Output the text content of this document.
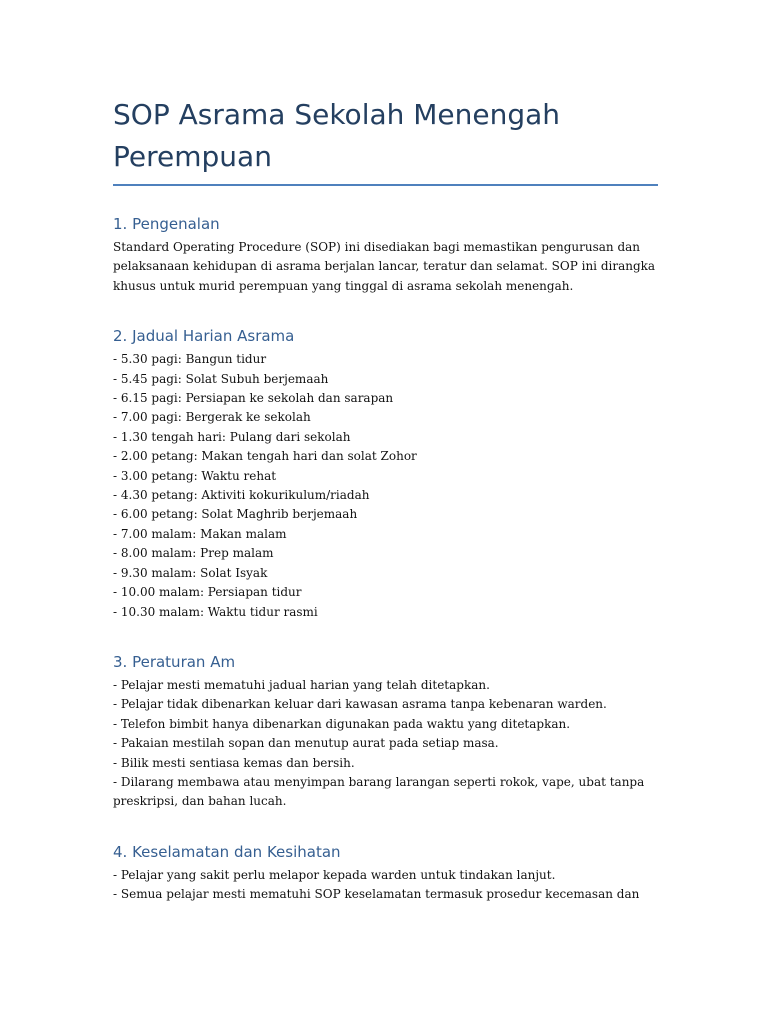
SOP Asrama Sekolah Menengah
Perempuan
1. Pengenalan
Standard Operating Procedure (SOP) ini disediakan bagi memastikan pengurusan dan
pelaksanaan kehidupan di asrama berjalan lancar, teratur dan selamat. SOP ini dirangka
khusus untuk murid perempuan yang tinggal di asrama sekolah menengah.
2. Jadual Harian Asrama
- 5.30 pagi: Bangun tidur
- 5.45 pagi: Solat Subuh berjemaah
- 6.15 pagi: Persiapan ke sekolah dan sarapan
- 7.00 pagi: Bergerak ke sekolah
- 1.30 tengah hari: Pulang dari sekolah
- 2.00 petang: Makan tengah hari dan solat Zohor
- 3.00 petang: Waktu rehat
- 4.30 petang: Aktiviti kokurikulum/riadah
- 6.00 petang: Solat Maghrib berjemaah
- 7.00 malam: Makan malam
- 8.00 malam: Prep malam
- 9.30 malam: Solat Isyak
- 10.00 malam: Persiapan tidur
- 10.30 malam: Waktu tidur rasmi
3. Peraturan Am
- Pelajar mesti mematuhi jadual harian yang telah ditetapkan.
- Pelajar tidak dibenarkan keluar dari kawasan asrama tanpa kebenaran warden.
- Telefon bimbit hanya dibenarkan digunakan pada waktu yang ditetapkan.
- Pakaian mestilah sopan dan menutup aurat pada setiap masa.
- Bilik mesti sentiasa kemas dan bersih.
- Dilarang membawa atau menyimpan barang larangan seperti rokok, vape, ubat tanpa
preskripsi, dan bahan lucah.
4. Keselamatan dan Kesihatan
- Pelajar yang sakit perlu melapor kepada warden untuk tindakan lanjut.
- Semua pelajar mesti mematuhi SOP keselamatan termasuk prosedur kecemasan dan
